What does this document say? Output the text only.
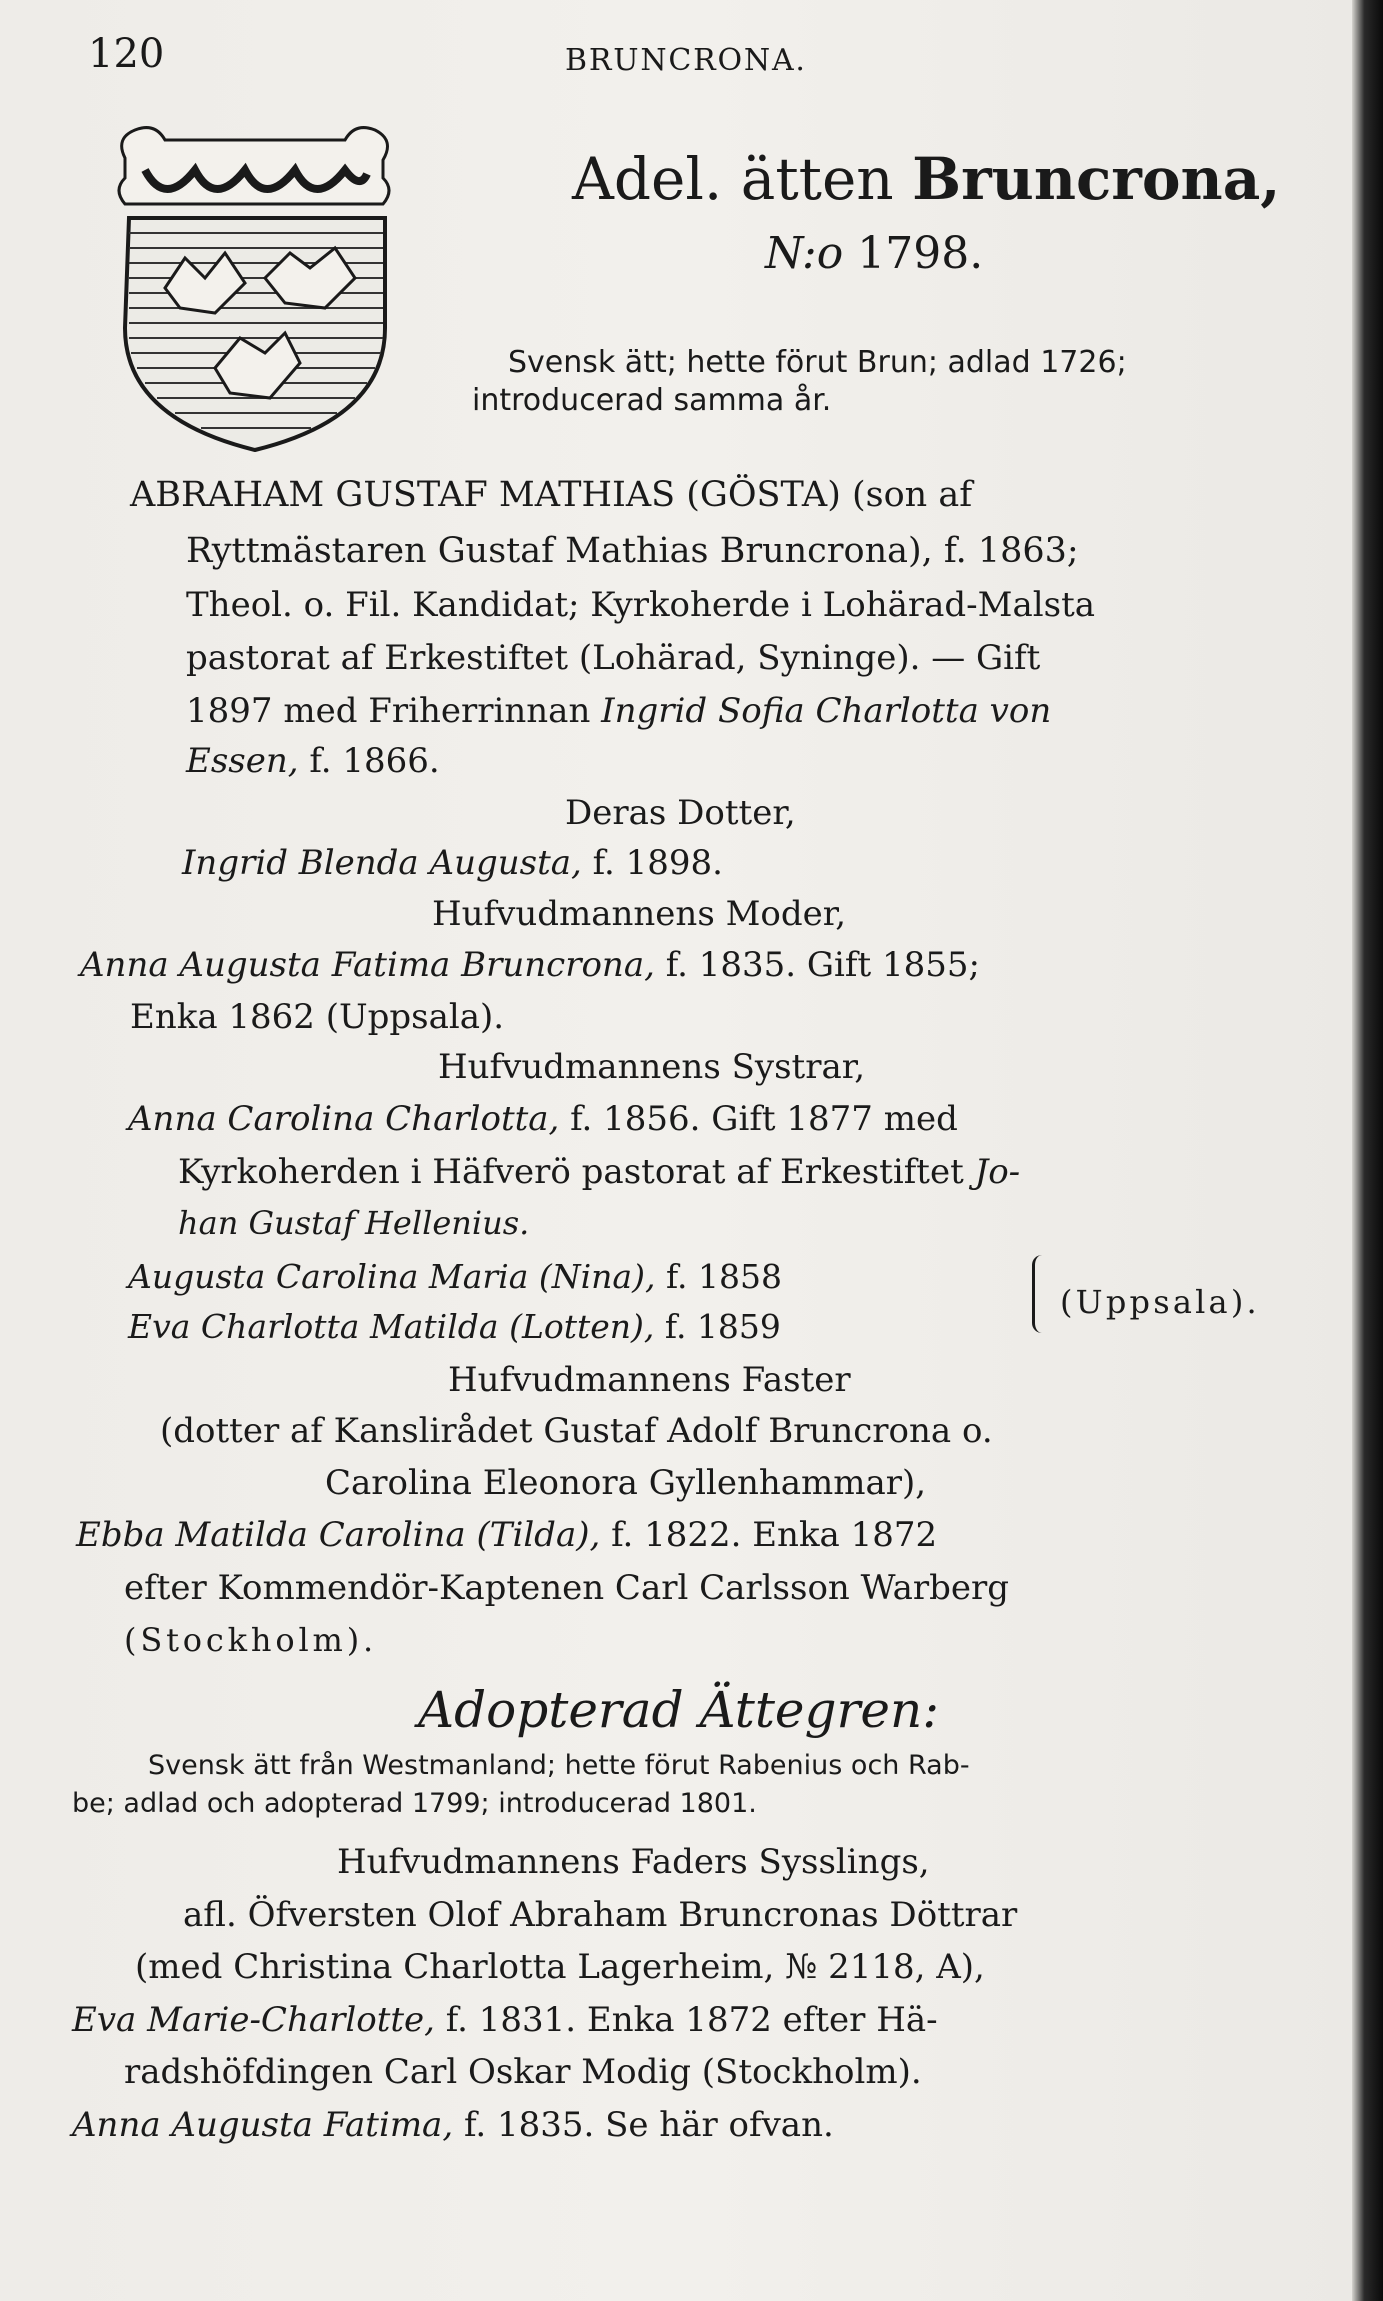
120	BRUNCRONA.
Adel. ätten Bruncrona,
N:o 1798.
Svensk ätt; hette förut Brun; adlad 1726;
introducerad samma år.
ABRAHAM GUSTAF MATHIAS (GÖSTA) (son af
Ryttmästaren Gustaf Mathias Bruncrona), f. 1863;
Theol. o. Fil. Kandidat; Kyrkoherde i Lohärad-Malsta
pastorat af Erkestiftet (Lohärad, Syninge). — Gift
1897 med Friherrinnan Ingrid Sofia Charlotta von
Essen, f. 1866.
Deras Dotter,
Ingrid Blenda Augusta, f. 1898.
Hufvudmannens Moder,
Anna Augusta Fatima Bruncrona, f. 1835. Gift 1855;
Enka 1862 (Uppsala).
Hufvudmannens Systrar,
Anna Carolina Charlotta, f. 1856. Gift 1877 med
Kyrkoherden i Häfverö pastorat af Erkestiftet Jo-
han Gustaf Hellenius.
Augusta Carolina Maria (Nina), f. 1858
Eva Charlotta Matilda (Lotten), f. 1859
(Uppsala).
Hufvudmannens Faster
(dotter af Kanslirådet Gustaf Adolf Bruncrona o.
Carolina Eleonora Gyllenhammar),
Ebba Matilda Carolina (Tilda), f. 1822. Enka 1872
efter Kommendör-Kaptenen Carl Carlsson Warberg
(Stockholm).
Adopterad Ättegren:
Svensk ätt från Westmanland; hette förut Rabenius och Rab-
be; adlad och adopterad 1799; introducerad 1801.
Hufvudmannens Faders Sysslings,
afl. Öfversten Olof Abraham Bruncronas Döttrar
(med Christina Charlotta Lagerheim, № 2118, A),
Eva Marie-Charlotte, f. 1831. Enka 1872 efter Hä-
radshöfdingen Carl Oskar Modig (Stockholm).
Anna Augusta Fatima, f. 1835. Se här ofvan.
